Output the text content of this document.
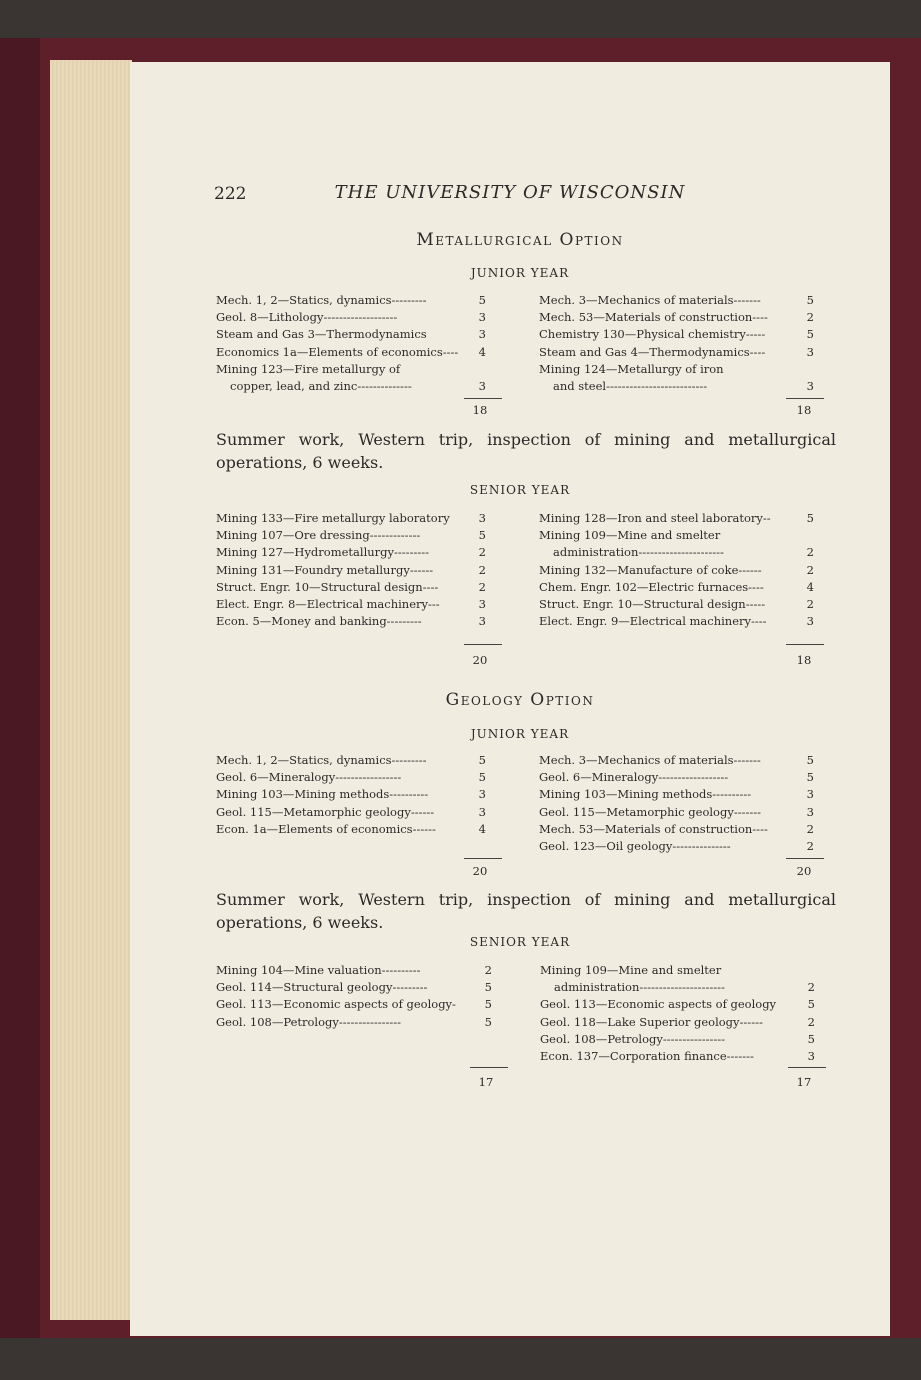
222	THE UNIVERSITY OF WISCONSIN
Metallurgical Option
JUNIOR YEAR
Mech. 1, 2—Statics, dynamics---------	5
Geol. 8—Lithology-------------------	3
Steam and Gas 3—Thermodynamics	3
Economics 1a—Elements of economics---- 4
Mining 123—Fire metallurgy of
copper, lead, and zinc--------------	3
18
Mech. 3—Mechanics of materials-------	5
Mech. 53—Materials of construction----	2
Chemistry 130—Physical chemistry-----	5
Steam and Gas 4—Thermodynamics----	3
Mining 124—Metallurgy of iron
and steel--------------------------	3
18
Summer work, Western trip, inspection of mining and metallurgical operations, 6 weeks.
SENIOR YEAR
Mining 133—Fire metallurgy laboratory	3
Mining 107—Ore dressing-------------	5
Mining 127—Hydrometallurgy---------	2
Mining 131—Foundry metallurgy------	2
Struct. Engr. 10—Structural design----	2
Elect. Engr. 8—Electrical machinery---	3
Econ. 5—Money and banking---------	3
20
Mining 128—Iron and steel laboratory--	5
Mining 109—Mine and smelter
administration----------------------	2
Mining 132—Manufacture of coke------	2
Chem. Engr. 102—Electric furnaces----	4
Struct. Engr. 10—Structural design-----	2
Elect. Engr. 9—Electrical machinery----	3
18
Geology Option
JUNIOR YEAR
Mech. 1, 2—Statics, dynamics---------	5
Geol. 6—Mineralogy-----------------	5
Mining 103—Mining methods----------	3
Geol. 115—Metamorphic geology------	3
Econ. 1a—Elements of economics------	4
20
Mech. 3—Mechanics of materials-------	5
Geol. 6—Mineralogy------------------	5
Mining 103—Mining methods----------	3
Geol. 115—Metamorphic geology-------	3
Mech. 53—Materials of construction----	2
Geol. 123—Oil geology---------------	2
20
Summer work, Western trip, inspection of mining and metallurgical operations, 6 weeks.
SENIOR YEAR
Mining 104—Mine valuation----------	2
Geol. 114—Structural geology---------	5
Geol. 113—Economic aspects of geology- 5
Geol. 108—Petrology----------------	5
17
Mining 109—Mine and smelter
administration----------------------	2
Geol. 113—Economic aspects of geology	5
Geol. 118—Lake Superior geology------	2
Geol. 108—Petrology----------------	5
Econ. 137—Corporation finance-------	3
17
